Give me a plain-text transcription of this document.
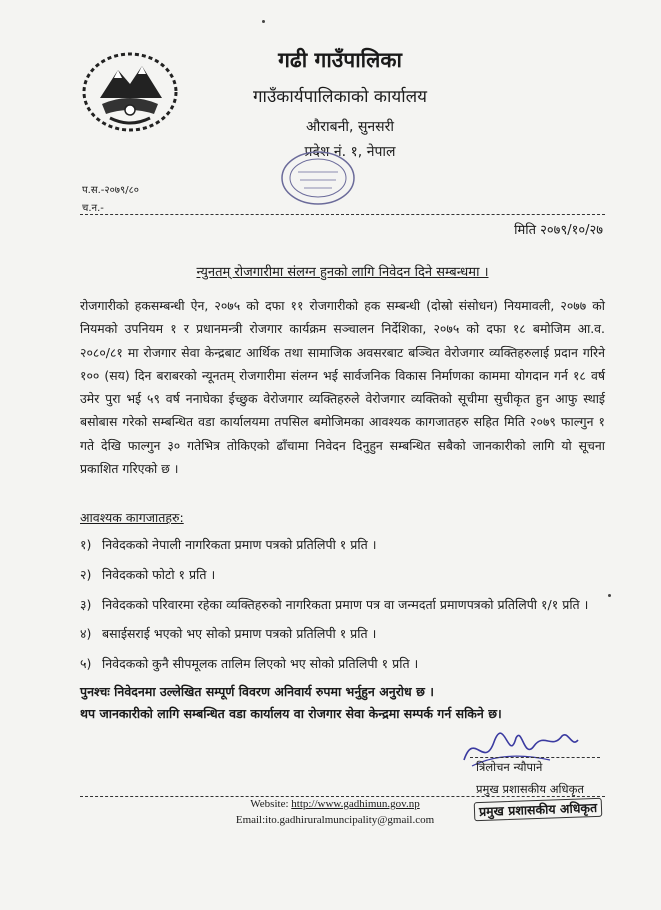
गढी गाउँपालिका
गाउँकार्यपालिकाको कार्यालय
औराबनी, सुनसरी
प्रदेश नं. १, नेपाल
प.स.-२०७९/८०
च.न.-
मिति २०७९/१०/२७
न्युनतम् रोजगारीमा संलग्न हुनको लागि निवेदन दिने सम्बन्धमा ।
रोजगारीको हकसम्बन्धी ऐन, २०७५ को दफा ११ रोजगारीको हक सम्बन्धी (दोस्रो संसोधन) नियमावली, २०७७ को नियमको उपनियम १ र प्रधानमन्त्री रोजगार कार्यक्रम सञ्चालन निर्देशिका, २०७५ को दफा १८ बमोजिम आ.व. २०८०/८१ मा रोजगार सेवा केन्द्रबाट आर्थिक तथा सामाजिक अवसरबाट बञ्चित वेरोजगार व्यक्तिहरुलाई प्रदान गरिने १०० (सय) दिन बराबरको न्यूनतम् रोजगारीमा संलग्न भई सार्वजनिक विकास निर्माणका काममा योगदान गर्न १८ वर्ष उमेर पुरा भई ५९ वर्ष ननाघेका ईच्छुक वेरोजगार व्यक्तिहरुले वेरोजगार व्यक्तिको सूचीमा सुचीकृत हुन आफु स्थाई बसोबास गरेको सम्बन्धित वडा कार्यालयमा तपसिल बमोजिमका आवश्यक कागजातहरु सहित मिति २०७९ फाल्गुन १ गते देखि फाल्गुन ३० गतेभित्र तोकिएको ढाँचामा निवेदन दिनुहुन सम्बन्धित सबैको जानकारीको लागि यो सूचना प्रकाशित गरिएको छ ।
आवश्यक कागजातहरु:
१) निवेदकको नेपाली नागरिकता प्रमाण पत्रको प्रतिलिपी १ प्रति ।
२) निवेदकको फोटो १ प्रति ।
३) निवेदकको परिवारमा रहेका व्यक्तिहरुको नागरिकता प्रमाण पत्र वा जन्मदर्ता प्रमाणपत्रको प्रतिलिपी १/१ प्रति ।
४) बसाईसराई भएको भए सोको प्रमाण पत्रको प्रतिलिपी १ प्रति ।
५) निवेदकको कुनै सीपमूलक तालिम लिएको भए सोको प्रतिलिपी १ प्रति ।
पुनश्चः निवेदनमा उल्लेखित सम्पूर्ण विवरण अनिवार्य रुपमा भर्नुहुन अनुरोध छ ।
थप जानकारीको लागि सम्बन्धित वडा कार्यालय वा रोजगार सेवा केन्द्रमा सम्पर्क गर्न सकिने छ।
त्रिलोचन न्यौपाने
प्रमुख प्रशासकीय अधिकृत
प्रमुख प्रशासकीय अधिकृत
Website: http://www.gadhimun.gov.np
Email:ito.gadhiruralmuncipality@gmail.com
